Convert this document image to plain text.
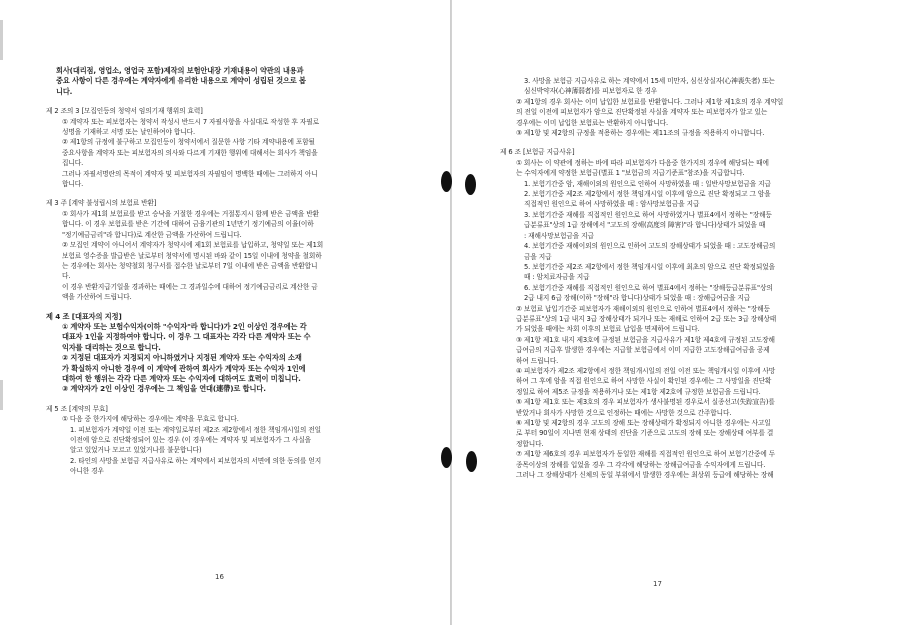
회사(대리점, 영업소, 영업국 포함)제작의 보험안내장 기재내용이 약관의 내용과
중요 사항이 다른 경우에는 계약자에게 유리한 내용으로 계약이 성립된 것으로 봅
니다.
제 2 조의 3 [모집인등의 청약서 임의기재 행위의 효력]
① 계약자 또는 피보험자는 청약서 작성시 반드시 7 자필사항을 사실대로 작성한 후 자필로
성명을 기재하고 서명 또는 날인하여야 합니다.
② 제1항의 규정에 불구하고 모집인등이 청약서에서 질문한 사항 기타 계약내용에 포함될
중요사항을 계약자 또는 피보험자의 의사와 다르게 기재한 행위에 대해서는 회사가 책임을
집니다.
그러나 자필서명란의 목적이 계약자 및 피보험자의 자필임이 명백한 때에는 그러하지 아니
합니다.
제 3 주 [계약 불성립시의 보험료 반환]
① 회사가 제1회 보험료를 받고 승낙을 거절한 경우에는 거절통지시 함께 받은 금액을 반환
합니다. 이 경우 보험료를 받은 기간에 대하여 금융기관의 1년만기 정기예금의 이율(이하
"정기예금금리"라 합니다)로 계산한 금액을 가산하여 드립니다.
② 모집인 계약이 아니어서 계약자가 청약시에 제1회 보험료를 납입하고, 청약일 또는 제1회
보험료 영수증을 발급받은 날로부터 청약서에 명시된 바와 같이 15일 이내에 청약을 철회하
는 경우에는 회사는 청약철회 청구서를 접수한 날로부터 7일 이내에 받은 금액을 반환합니
다.
이 경우 반환지급기일을 경과하는 때에는 그 경과일수에 대하여 정기예금금리로 계산한 금
액을 가산하여 드립니다.
제 4 조 [대표자의 지정]
① 계약자 또는 보험수익자(이하 "수익자"라 합니다)가 2인 이상인 경우에는 각
대표자 1인을 지정하여야 합니다. 이 경우 그 대표자는 각각 다른 계약자 또는 수
익자를 대리하는 것으로 합니다.
② 지정된 대표자가 지정되지 아니하였거나 지정된 계약자 또는 수익자의 소재
가 확실하지 아니한 경우에 이 계약에 관하여 회사가 계약자 또는 수익자 1인에
대하여 한 행위는 각각 다른 계약자 또는 수익자에 대하여도 효력이 미칩니다.
③ 계약자가 2인 이상인 경우에는 그 책임을 연대(連帶)로 합니다.
제 5 조 [계약의 무효]
① 다음 중 한가지에 해당하는 경우에는 계약을 무효로 합니다.
1. 피보험자가 계약일 이전 또는 계약일로부터 제2조 제2항에서 정한 책임개시일의 전일
이전에 암으로 진단확정되어 있는 경우 (이 경우에는 계약자 및 피보험자가 그 사실을
알고 있었거나 모르고 있었거나를 불문합니다)
2. 타인의 사망을 보험금 지급사유로 하는 계약에서 피보험자의 서면에 의한 동의를 얻지
아니한 경우
16
3. 사망을 보험금 지급사유로 하는 계약에서 15세 미만자, 심신상실자(心神喪失者) 또는
심신박약자(心神薄弱者)를 피보험자로 한 경우
② 제1항의 경우 회사는 이미 납입한 보험료를 반환합니다. 그러나 제1항 제1호의 경우 계약일
의 전일 이전에 피보험자가 암으로 진단확정된 사실을 계약자 또는 피보험자가 알고 있는
경우에는 이미 납입한 보험료는 반환하지 아니합니다.
③ 제1항 및 제2항의 규정을 적용하는 경우에는 제11조의 규정을 적용하지 아니합니다.
제 6 조 [보험금 지급사유]
① 회사는 이 약관에 정하는 바에 따라 피보험자가 다음중 한가지의 경우에 해당되는 때에
는 수익자에게 약정한 보험금(별표 1 "보험금의 지급기준표"참조)을 지급합니다.
1. 보험기간중 암, 재해이외의 원인으로 인하여 사망하였을 때 : 일반사망보험금을 지급
2. 보험기간중 제2조 제2항에서 정한 책임개시일 이후에 암으로 진단 확정되고 그 암을
직접적인 원인으로 하여 사망하였을 때 : 암사망보험금을 지급
3. 보험기간중 재해를 직접적인 원인으로 하여 사망하였거나 별표4에서 정하는 "장해등
급분류표"상의 1급 장해에서 "고도의 장해(高度의 障害)"라 합니다)상태가 되었을 때
: 재해사망보험금을 지급
4. 보험기간중 재해이외의 원인으로 인하여 고도의 장해상태가 되었을 때 : 고도장해금의
금을 지급
5. 보험기간중 제2조 제2항에서 정한 책임개시일 이후에 최초의 암으로 진단 확정되었을
때 : 암치료자금을 지급
6. 보험기간중 재해를 직접적인 원인으로 하여 별표4에서 정하는 "장해등급분류표"상의
2급 내지 6급 장해(이하 "장해"라 합니다)상태가 되었을 때 : 장해급여금을 지급
② 보험료 납입기간중 피보험자가 재해이외의 원인으로 인하여 별표4에서 정하는 "장해등
급분류표"상의 1급 내지 3급 장해상태가 되거나 또는 재해로 인하여 2급 또는 3급 장해상태
가 되었을 때에는 차회 이후의 보험료 납입을 면제하여 드립니다.
③ 제1항 제1호 내지 제3호에 규정된 보험금을 지급사유가 제1항 제4호에 규정된 고도장해
급여금의 지급후 발생한 경우에는 지급할 보험금에서 이미 지급한 고도장해급여금을 공제
하여 드립니다.
④ 피보험자가 제2조 제2항에서 정한 책임개시일의 전일 이전 또는 책임개시일 이후에 사망
하여 그 후에 암을 직접 원인으로 하여 사망한 사실이 확인된 경우에는 그 사망일을 진단확
정일로 하여 제5조 규정을 적용하거나 또는 제1항 제2호에 규정한 보험금을 드립니다.
⑤ 제1항 제1호 또는 제3호의 경우 피보험자가 생사불명된 경우로서 실종선고(失踪宣告)를
받았거나 회사가 사망한 것으로 인정하는 때에는 사망한 것으로 간주합니다.
⑥ 제1항 및 제2항의 경우 고도의 장해 또는 장해상태가 확정되지 아니한 경우에는 사고일
로 부터 90일이 지나면 현재 상태의 진단을 기준으로 고도의 장해 또는 장해상태 여부를 결
정합니다.
⑦ 제1항 제6호의 경우 피보험자가 동일한 재해를 직접적인 원인으로 하여 보험기간중에 두
종목이상의 장해를 입었을 경우 그 각각에 해당하는 장해급여금을 수익자에게 드립니다.
그러나 그 장해상태가 신체의 동일 부위에서 발생한 경우에는 최상위 등급에 해당하는 장해
17
